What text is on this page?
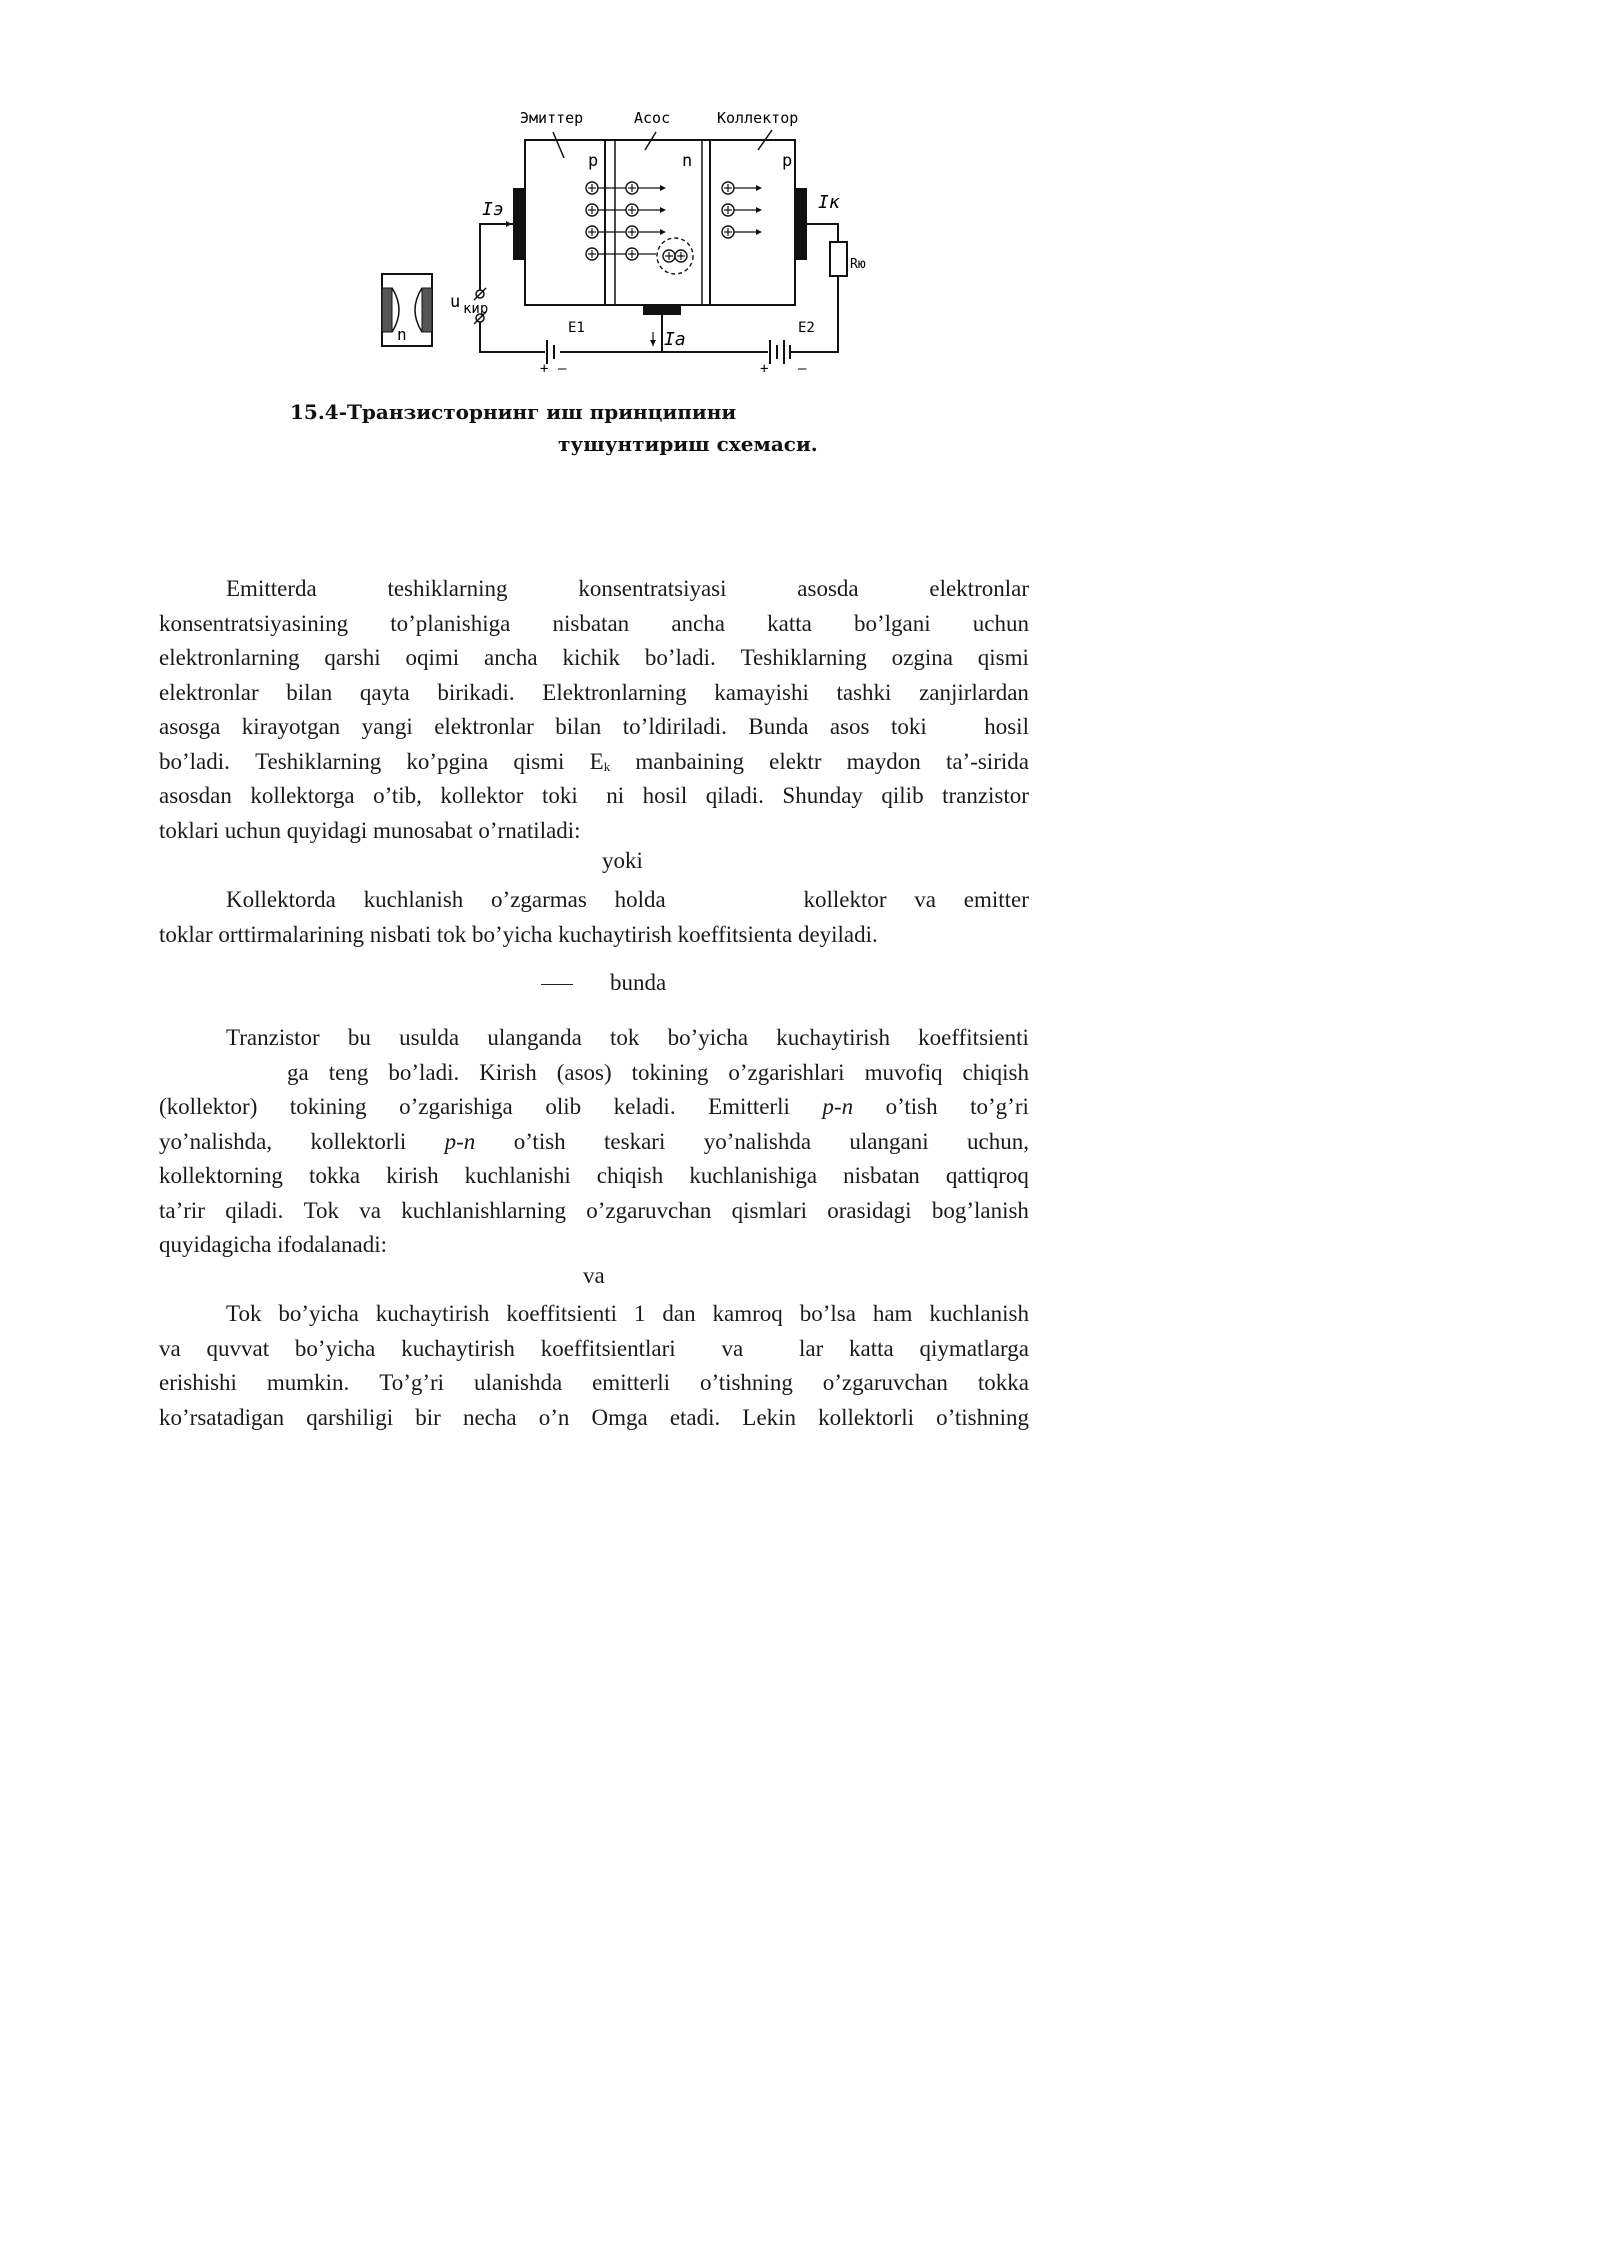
Эмиттер	Асос	Коллектор
p	n	p
+ –	+ –
Iэ	Iк
Ia
Rю
u кир
E1	E2
n
15.4-Транзисторнинг иш принципини
тушунтириш схемаси.
Emitterda	teshiklarning	konsentratsiyasi	asosda	elektronlar
konsentratsiyasining to’planishiga nisbatan ancha katta bo’lgani uchun
elektronlarning qarshi oqimi ancha kichik bo’ladi. Teshiklarning ozgina qismi
elektronlar bilan qayta birikadi. Elektronlarning kamayishi tashki zanjirlardan
asosga kirayotgan yangi elektronlar bilan to’ldiriladi. Bunda asos toki hosil
bo’ladi. Teshiklarning ko’pgina qismi $E_k$ manbaining elektr maydon ta’-sirida
asosdan kollektorga o’tib, kollektor toki ni hosil qiladi. Shunday qilib tranzistor
toklari uchun quyidagi munosabat o’rnatiladi:
yoki
Kollektorda kuchlanish o’zgarmas holda	kollektor va emitter
toklar orttirmalarining nisbati tok bo’yicha kuchaytirish koeffitsienta deyiladi.
bunda
Tranzistor bu usulda ulanganda tok bo’yicha kuchaytirish koeffitsienti
ga teng bo’ladi. Kirish (asos) tokining o’zgarishlari muvofiq chiqish
(kollektor) tokining o’zgarishiga olib keladi. Emitterli p-n o’tish to’g’ri
yo’nalishda, kollektorli p-n o’tish teskari yo’nalishda ulangani uchun,
kollektorning tokka kirish kuchlanishi chiqish kuchlanishiga nisbatan qattiqroq
ta’rir qiladi. Tok va kuchlanishlarning o’zgaruvchan qismlari orasidagi bog’lanish
quyidagicha ifodalanadi:
va
Tok bo’yicha kuchaytirish koeffitsienti 1 dan kamroq bo’lsa ham kuchlanish
va quvvat bo’yicha kuchaytirish koeffitsientlari va lar katta qiymatlarga
erishishi mumkin. To’g’ri ulanishda emitterli o’tishning o’zgaruvchan tokka
ko’rsatadigan qarshiligi bir necha o’n Omga etadi. Lekin kollektorli o’tishning
